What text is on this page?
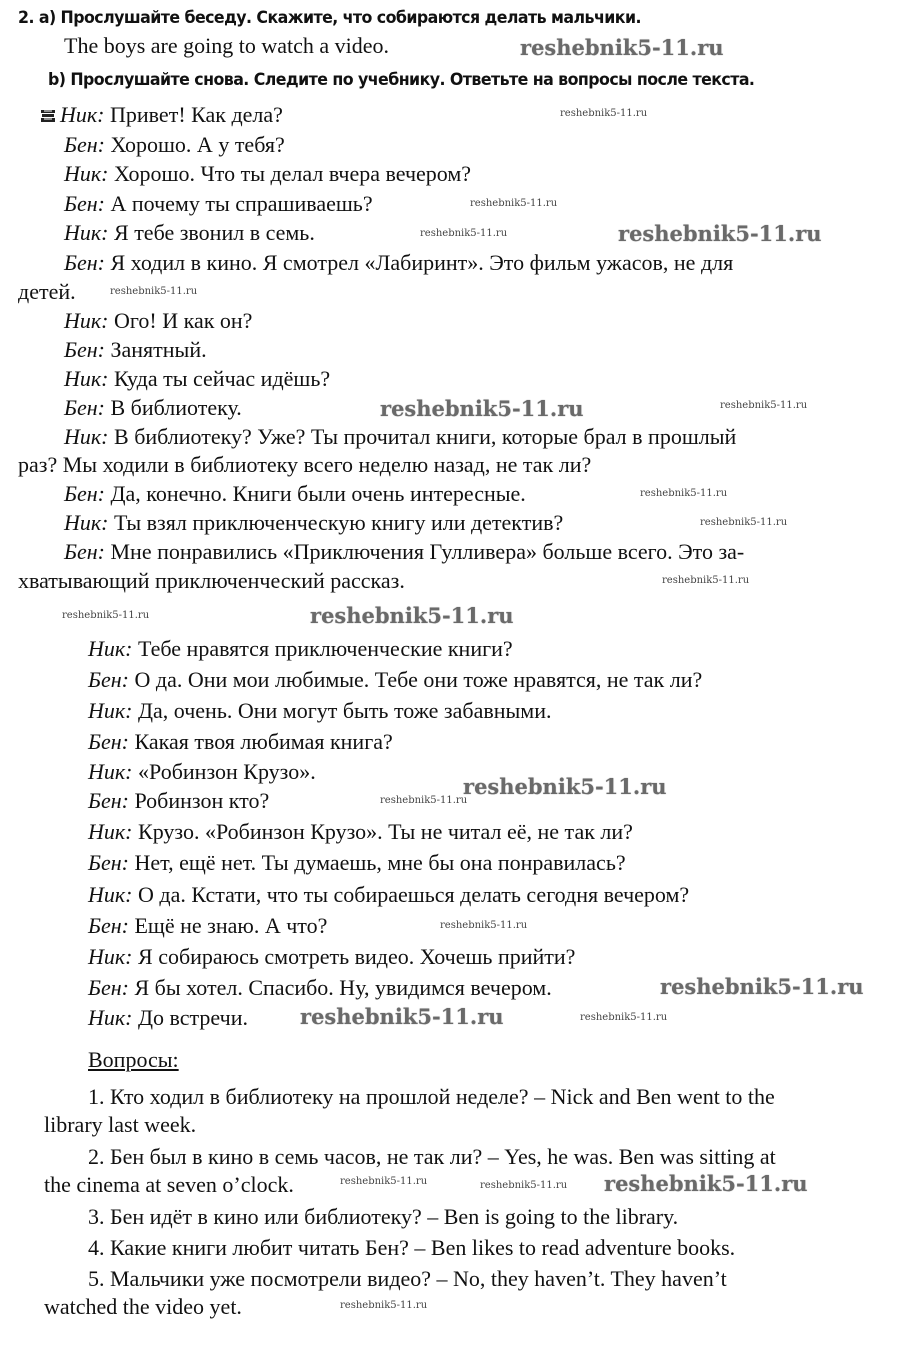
2. а) Прослушайте беседу. Скажите, что собираются делать мальчики.
The boys are going to watch a video.
b) Прослушайте снова. Следите по учебнику. Ответьте на вопросы после текста.
Вопросы:
Ник: Привет! Как дела?
Бен: Хорошо. А у тебя?
Ник: Хорошо. Что ты делал вчера вечером?
Бен: А почему ты спрашиваешь?
Ник: Я тебе звонил в семь.
Бен: Я ходил в кино. Я смотрел «Лабиринт». Это фильм ужасов, не для
детей.
Ник: Ого! И как он?
Бен: Занятный.
Ник: Куда ты сейчас идёшь?
Бен: В библиотеку.
Ник: В библиотеку? Уже? Ты прочитал книги, которые брал в прошлый
раз? Мы ходили в библиотеку всего неделю назад, не так ли?
Бен: Да, конечно. Книги были очень интересные.
Ник: Ты взял приключенческую книгу или детектив?
Бен: Мне понравились «Приключения Гулливера» больше всего. Это за-
хватывающий приключенческий рассказ.
Ник: Тебе нравятся приключенческие книги?
Бен: О да. Они мои любимые. Тебе они тоже нравятся, не так ли?
Ник: Да, очень. Они могут быть тоже забавными.
Бен: Какая твоя любимая книга?
Ник: «Робинзон Крузо».
Бен: Робинзон кто?
Ник: Крузо. «Робинзон Крузо». Ты не читал её, не так ли?
Бен: Нет, ещё нет. Ты думаешь, мне бы она понравилась?
Ник: О да. Кстати, что ты собираешься делать сегодня вечером?
Бен: Ещё не знаю. А что?
Ник: Я собираюсь смотреть видео. Хочешь прийти?
Бен: Я бы хотел. Спасибо. Ну, увидимся вечером.
Ник: До встречи.
1. Кто ходил в библиотеку на прошлой неделе? – Nick and Ben went to the
library last week.
2. Бен был в кино в семь часов, не так ли? – Yes, he was. Ben was sitting at
the cinema at seven o’clock.
3. Бен идёт в кино или библиотеку? – Ben is going to the library.
4. Какие книги любит читать Бен? – Ben likes to read adventure books.
5. Мальчики уже посмотрели видео? – No, they haven’t. They haven’t
watched the video yet.
reshebnik5-11.ru
reshebnik5-11.ru
reshebnik5-11.ru
reshebnik5-11.ru	reshebnik5-11.ru
reshebnik5-11.ru
reshebnik5-11.ru
reshebnik5-11.ru
reshebnik5-11.ru
reshebnik5-11.ru
reshebnik5-11.ru
reshebnik5-11.ru	reshebnik5-11.ru
reshebnik5-11.ru
reshebnik5-11.ru
reshebnik5-11.ru
reshebnik5-11.ru
reshebnik5-11.ru
reshebnik5-11.ru
reshebnik5-11.ru
reshebnik5-11.ru	reshebnik5-11.ru
reshebnik5-11.ru
